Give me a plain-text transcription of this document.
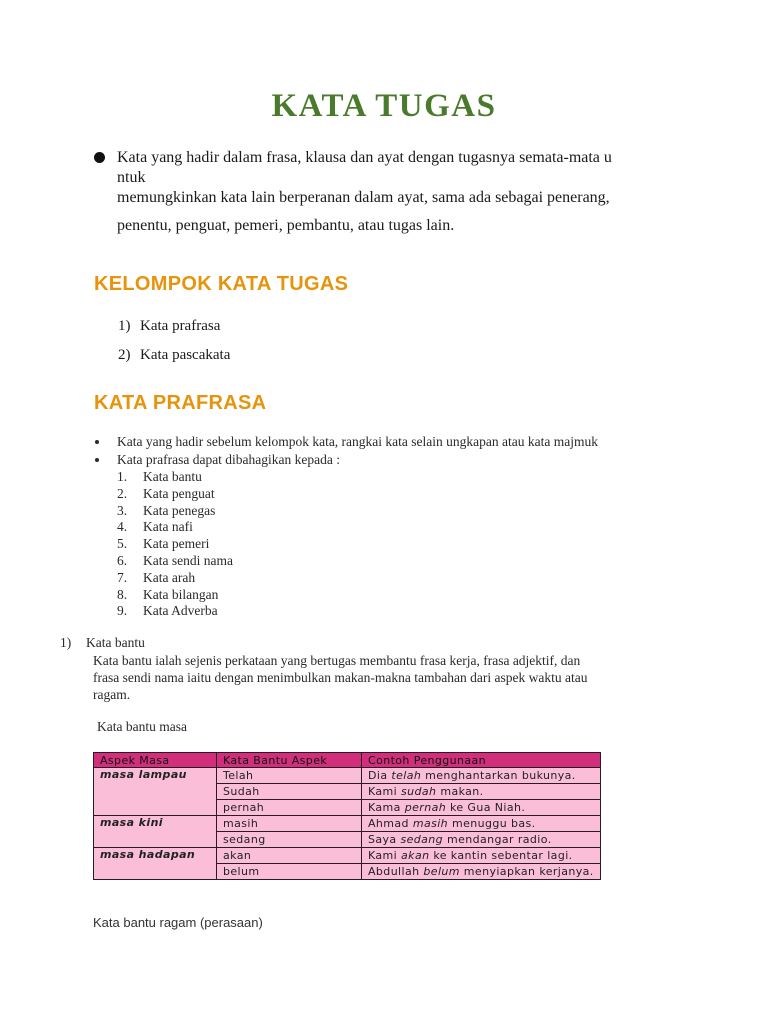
KATA TUGAS
Kata yang hadir dalam frasa, klausa dan ayat dengan tugasnya semata-mata u
ntuk
memungkinkan kata lain berperanan dalam ayat, sama ada sebagai penerang,
penentu, penguat, pemeri, pembantu, atau tugas lain.
KELOMPOK KATA TUGAS
1) Kata prafrasa
2) Kata pascakata
KATA PRAFRASA
Kata yang hadir sebelum kelompok kata, rangkai kata selain ungkapan atau kata majmuk
Kata prafrasa dapat dibahagikan kepada :
1. Kata bantu
2. Kata penguat
3. Kata penegas
4. Kata nafi
5. Kata pemeri
6. Kata sendi nama
7. Kata arah
8. Kata bilangan
9. Kata Adverba
1) Kata bantu
Kata bantu ialah sejenis perkataan yang bertugas membantu frasa kerja, frasa adjektif, dan
frasa sendi nama iaitu dengan menimbulkan makan-makna tambahan dari aspek waktu atau
ragam.
Kata bantu masa
Aspek Masa	Kata Bantu Aspek	Contoh Penggunaan
masa lampau	Telah	Dia telah menghantarkan bukunya.
	Sudah	Kami sudah makan.
	pernah	Kama pernah ke Gua Niah.
masa kini	masih	Ahmad masih menuggu bas.
	sedang	Saya sedang mendangar radio.
masa hadapan	akan	Kami akan ke kantin sebentar lagi.
	belum	Abdullah belum menyiapkan kerjanya.
Kata bantu ragam (perasaan)
